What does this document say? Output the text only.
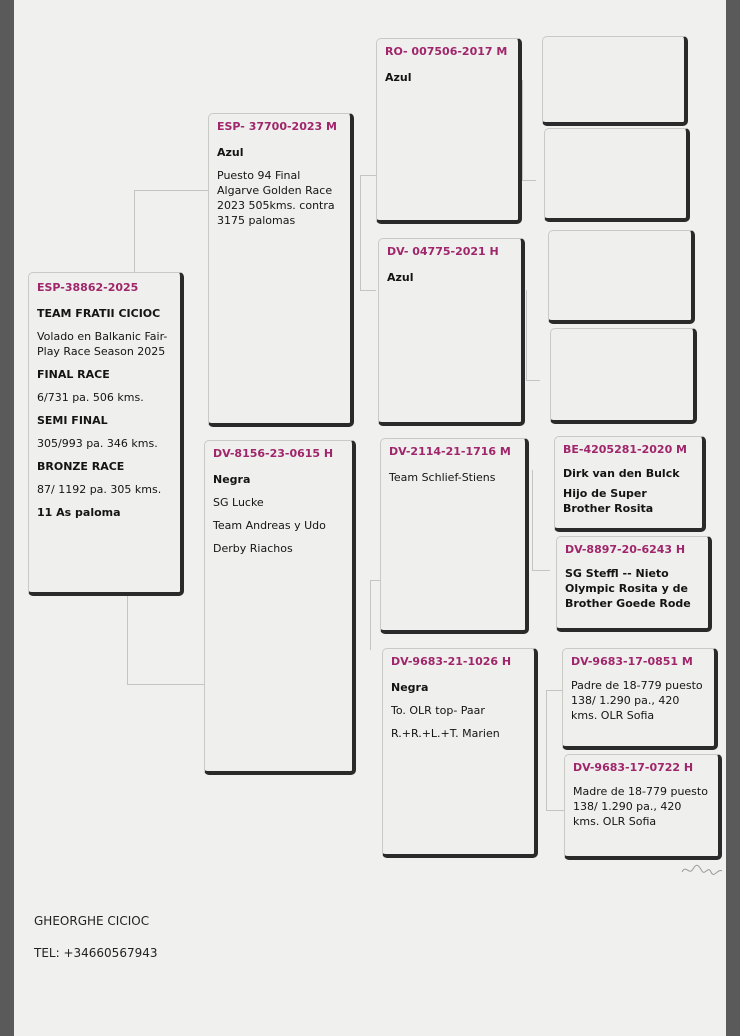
ESP-38862-2025
TEAM FRATII CICIOC
Volado en Balkanic Fair-Play Race Season 2025
FINAL RACE
6/731 pa. 506 kms.
SEMI FINAL
305/993 pa. 346 kms.
BRONZE RACE
87/ 1192 pa. 305 kms.
11 As paloma
ESP- 37700-2023 M
Azul
Puesto 94 Final Algarve Golden Race 2023 505kms. contra 3175 palomas
DV-8156-23-0615 H
Negra
SG Lucke
Team Andreas y Udo
Derby Riachos
RO- 007506-2017 M
Azul
DV- 04775-2021 H
Azul
DV-2114-21-1716 M
Team Schlief-Stiens
DV-9683-21-1026 H
Negra
To. OLR top- Paar
R.+R.+L.+T. Marien
BE-4205281-2020 M
Dirk van den Bulck
Hijo de Super Brother Rosita
DV-8897-20-6243 H
SG Steffl -- Nieto Olympic Rosita y de Brother Goede Rode
DV-9683-17-0851 M
Padre de 18-779 puesto 138/ 1.290 pa., 420 kms. OLR Sofia
DV-9683-17-0722 H
Madre de 18-779 puesto 138/ 1.290 pa., 420 kms. OLR Sofia
GHEORGHE CICIOC
TEL: +34660567943
